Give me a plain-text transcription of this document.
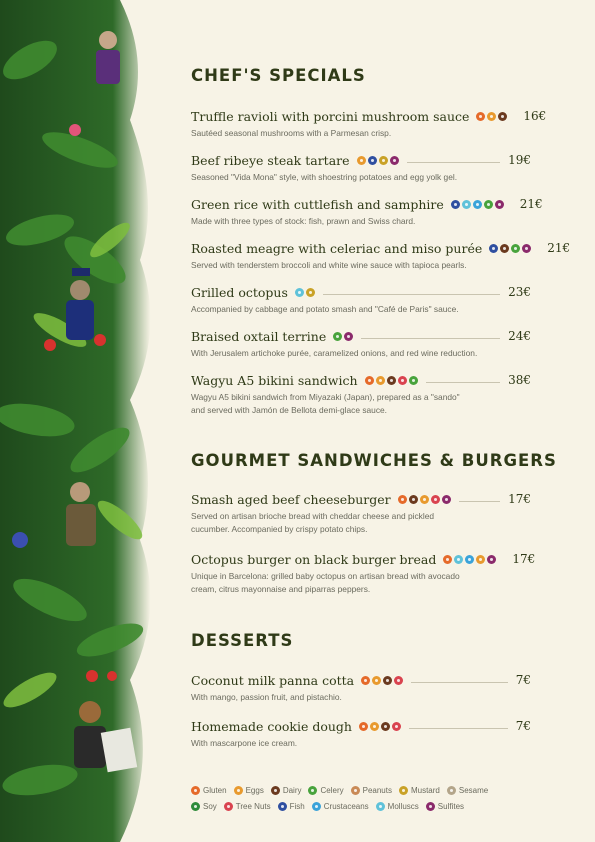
CHEF'S SPECIALS
Truffle ravioli with porcini mushroom sauce	16€
Sautéed seasonal mushrooms with a Parmesan crisp.
Beef ribeye steak tartare	19€
Seasoned "Vida Mona" style, with shoestring potatoes and egg yolk gel.
Green rice with cuttlefish and samphire	21€
Made with three types of stock: fish, prawn and Swiss chard.
Roasted meagre with celeriac and miso purée	21€
Served with tenderstem broccoli and white wine sauce with tapioca pearls.
Grilled octopus	23€
Accompanied by cabbage and potato smash and "Café de Paris" sauce.
Braised oxtail terrine	24€
With Jerusalem artichoke purée, caramelized onions, and red wine reduction.
Wagyu A5 bikini sandwich	38€
Wagyu A5 bikini sandwich from Miyazaki (Japan), prepared as a "sando"
and served with Jamón de Bellota demi-glace sauce.
GOURMET SANDWICHES & BURGERS
Smash aged beef cheeseburger	17€
Served on artisan brioche bread with cheddar cheese and pickled
cucumber. Accompanied by crispy potato chips.
Octopus burger on black burger bread	17€
Unique in Barcelona: grilled baby octopus on artisan bread with avocado
cream, citrus mayonnaise and piparras peppers.
DESSERTS
Coconut milk panna cotta	7€
With mango, passion fruit, and pistachio.
Homemade cookie dough	7€
With mascarpone ice cream.
Gluten Eggs Dairy Celery Peanuts Mustard Sesame
Soy Tree Nuts Fish Crustaceans Molluscs Sulfites
